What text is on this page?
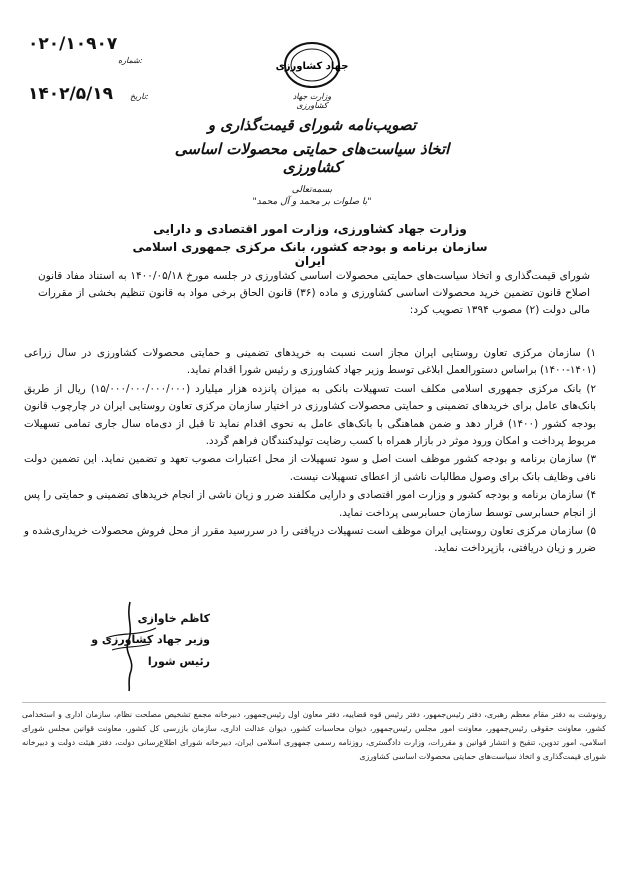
۰۲۰/۱۰۹۰۷
شماره:
۱۴۰۲/۵/۱۹ تاریخ:
جهاد کشاورزی
وزارت جهاد کشاورزی
تصویب‌نامه شورای قیمت‌گذاری و
اتخاذ سیاست‌های حمایتی محصولات اساسی کشاورزی
بسمه‌تعالی
"با صلوات بر محمد و آل محمد"
وزارت جهاد کشاورزی، وزارت امور اقتصادی و دارایی
سازمان برنامه و بودجه کشور، بانک مرکزی جمهوری اسلامی ایران

شورای قیمت‌گذاری و اتخاذ سیاست‌های حمایتی محصولات اساسی کشاورزی در جلسه مورخ ۱۴۰۰/۰۵/۱۸ به استناد مفاد قانون اصلاح قانون تضمین خرید محصولات اساسی کشاورزی و ماده (۳۶) قانون الحاق برخی مواد به قانون تنظیم بخشی از مقررات مالی دولت (۲) مصوب ۱۳۹۴ تصویب کرد:

۱) سازمان مرکزی تعاون روستایی ایران مجاز است نسبت به خریدهای تضمینی و حمایتی محصولات کشاورزی در سال زراعی (۱۴۰۱-۱۴۰۰) براساس دستورالعمل ابلاغی توسط وزیر جهاد کشاورزی و رئیس شورا اقدام نماید.
۲) بانک مرکزی جمهوری اسلامی مکلف است تسهیلات بانکی به میزان پانزده هزار میلیارد (۱۵/۰۰۰/۰۰۰/۰۰۰/۰۰۰) ریال از طریق بانک‌های عامل برای خریدهای تضمینی و حمایتی محصولات کشاورزی در اختیار سازمان مرکزی تعاون روستایی ایران در چارچوب قانون بودجه کشور (۱۴۰۰) قرار دهد و ضمن هماهنگی با بانک‌های عامل به نحوی اقدام نماید تا قبل از دی‌ماه سال جاری تمامی تسهیلات مربوط پرداخت و امکان ورود موثر در بازار همراه با کسب رضایت تولیدکنندگان فراهم گردد.
۳) سازمان برنامه و بودجه کشور موظف است اصل و سود تسهیلات از محل اعتبارات مصوب تعهد و تضمین نماید. این تضمین دولت نافی وظایف بانک برای وصول مطالبات ناشی از اعطای تسهیلات نیست.
۴) سازمان برنامه و بودجه کشور و وزارت امور اقتصادی و دارایی مکلفند ضرر و زیان ناشی از انجام خریدهای تضمینی و حمایتی را پس از انجام حسابرسی توسط سازمان حسابرسی پرداخت نماید.
۵) سازمان مرکزی تعاون روستایی ایران موظف است تسهیلات دریافتی را در سررسید مقرر از محل فروش محصولات خریداری‌شده و ضرر و زیان دریافتی، بازپرداخت نماید.
کاظم خاوازی
وزیر جهاد کشاورزی و
رئیس شورا

رونوشت به دفتر مقام معظم رهبری، دفتر رئیس‌جمهور، دفتر رئیس قوه قضاییه، دفتر معاون اول رئیس‌جمهور، دبیرخانه مجمع تشخیص مصلحت نظام، سازمان اداری و استخدامی کشور، معاونت حقوقی رئیس‌جمهور، معاونت امور مجلس رئیس‌جمهور، دیوان محاسبات کشور، دیوان عدالت اداری، سازمان بازرسی کل کشور، معاونت قوانین مجلس شورای اسلامی، امور تدوین، تنقیح و انتشار قوانین و مقررات، وزارت دادگستری، روزنامه رسمی جمهوری اسلامی ایران، دبیرخانه شورای اطلاع‌رسانی دولت، دفتر هیئت دولت و دبیرخانه شورای قیمت‌گذاری و اتخاذ سیاست‌های حمایتی محصولات اساسی کشاورزی
